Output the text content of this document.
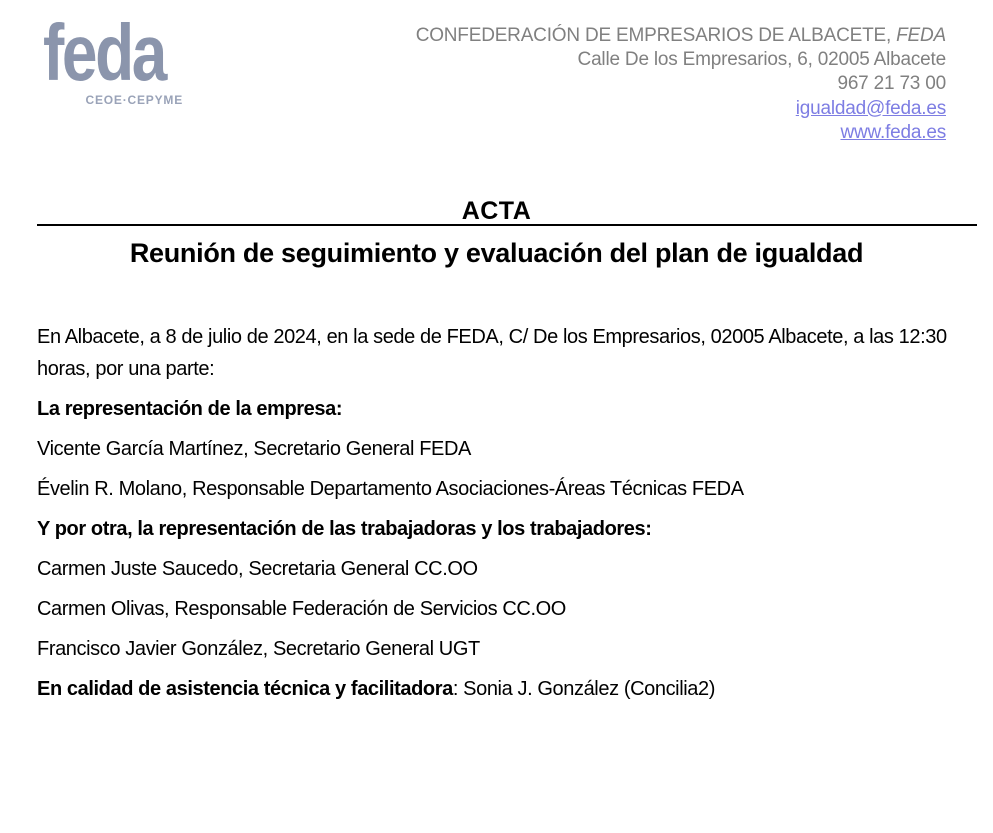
feda
CEOE·CEPYME
CONFEDERACIÓN DE EMPRESARIOS DE ALBACETE, FEDA
Calle De los Empresarios, 6, 02005 Albacete
967 21 73 00
igualdad@feda.es
www.feda.es
ACTA
Reunión de seguimiento y evaluación del plan de igualdad

En Albacete, a 8 de julio de 2024, en la sede de FEDA, C/ De los Empresarios, 02005 Albacete, a las 12:30 horas, por una parte:

La representación de la empresa:

Vicente García Martínez, Secretario General FEDA

Évelin R. Molano, Responsable Departamento Asociaciones-Áreas Técnicas FEDA

Y por otra, la representación de las trabajadoras y los trabajadores:

Carmen Juste Saucedo, Secretaria General CC.OO

Carmen Olivas, Responsable Federación de Servicios CC.OO

Francisco Javier González, Secretario General UGT

En calidad de asistencia técnica y facilitadora: Sonia J. González (Concilia2)
